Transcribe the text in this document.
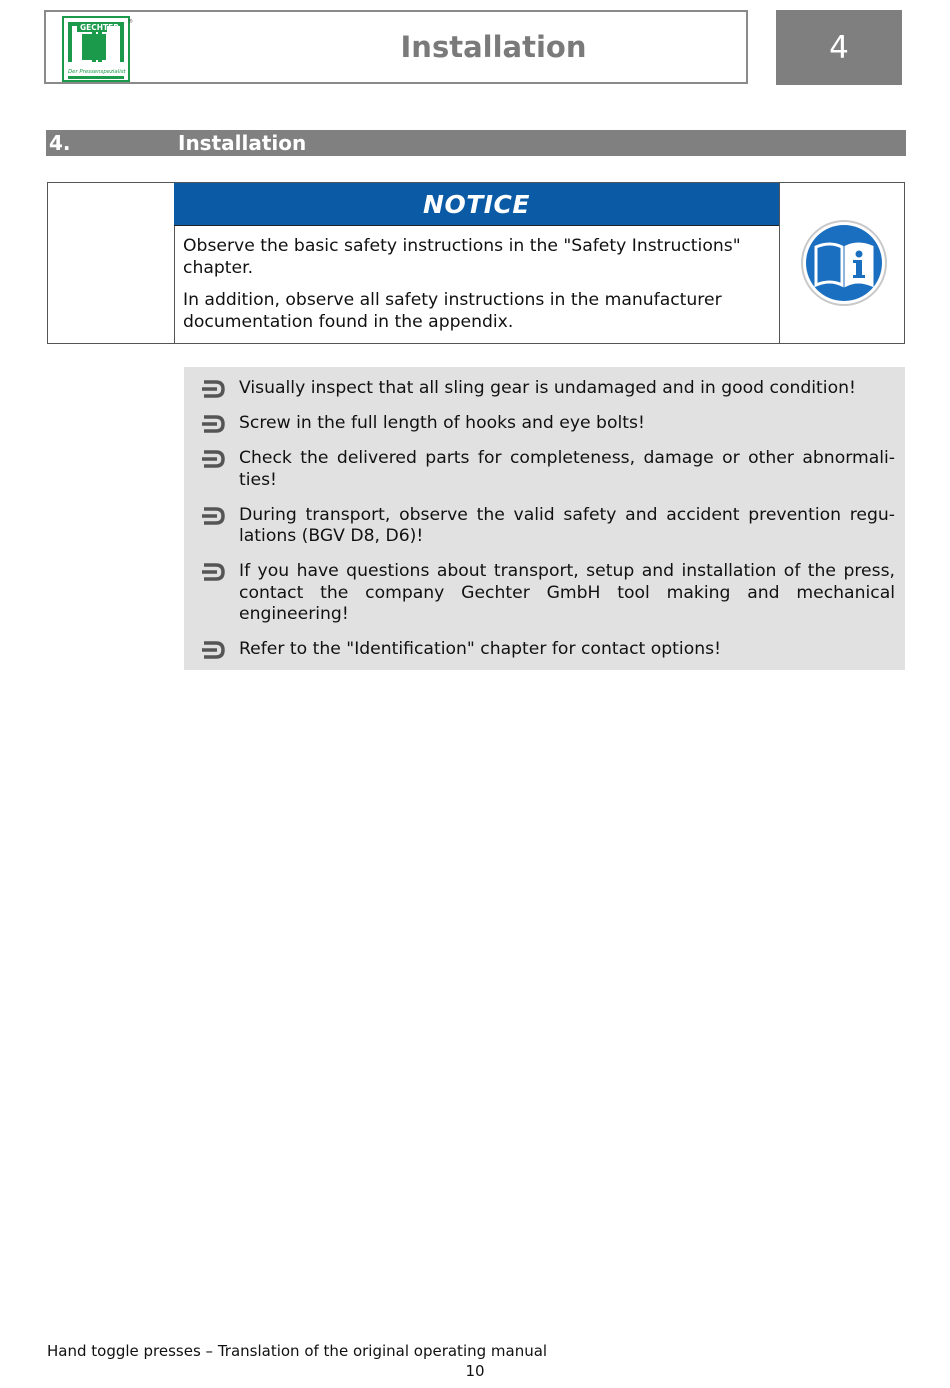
GECHTER
Der Pressenspezialist
®
Installation	4
4.	Installation
NOTICE

Observe the basic safety instructions in the "Safety Instructions" chapter.

In addition, observe all safety instructions in the manufacturer documentation found in the appendix.

Visually inspect that all sling gear is undamaged and in good condition!
Screw in the full length of hooks and eye bolts!
Check the delivered parts for completeness, damage or other abnormali-ties!
During transport, observe the valid safety and accident prevention regu-lations (BGV D8, D6)!
If you have questions about transport, setup and installation of the press, contact the company Gechter GmbH tool making and mechanical engineering!
Refer to the "Identification" chapter for contact options!
Hand toggle presses – Translation of the original operating manual
10
